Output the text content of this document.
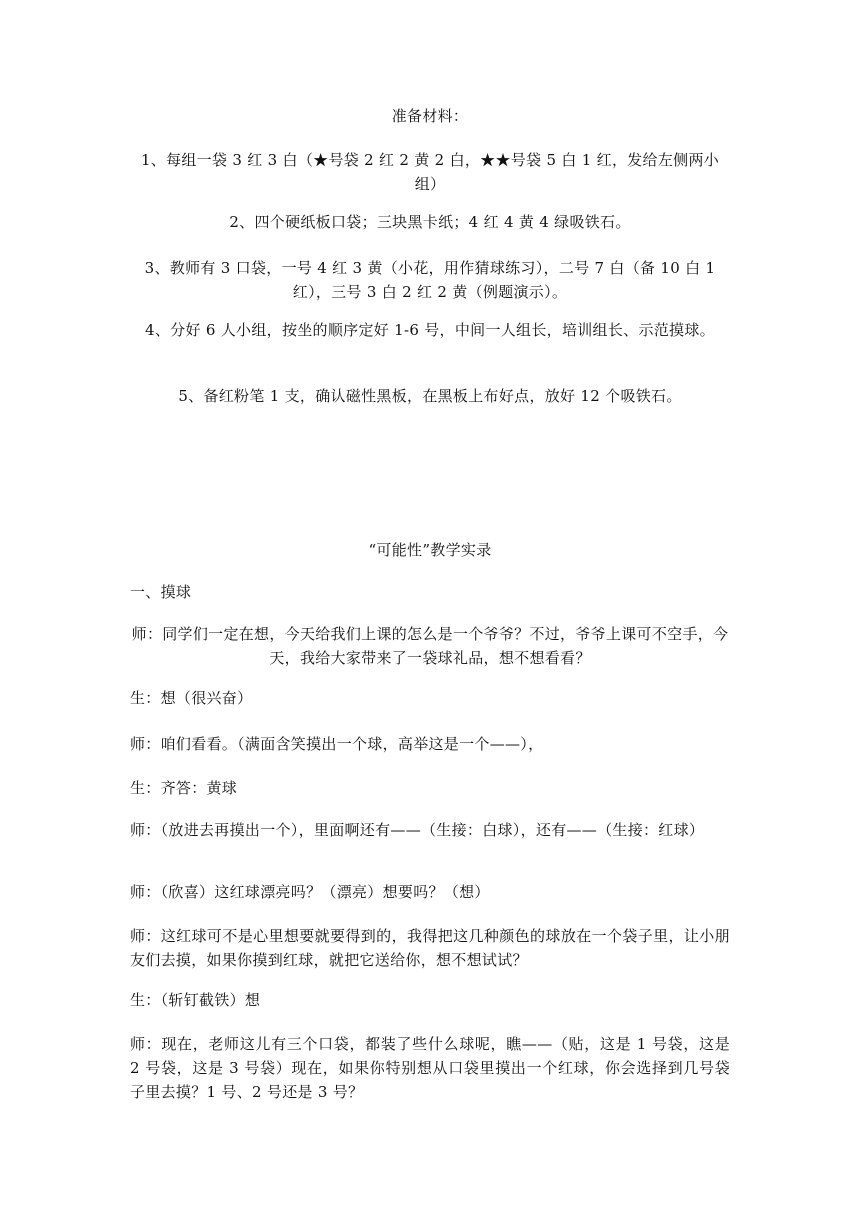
准备材料：
1、每组一袋 3 红 3 白（★号袋 2 红 2 黄 2 白，★★号袋 5 白 1 红，发给左侧两小组）
2、四个硬纸板口袋；三块黑卡纸；4 红 4 黄 4 绿吸铁石。
3、教师有 3 口袋，一号 4 红 3 黄（小花，用作猜球练习），二号 7 白（备 10 白 1 红），三号 3 白 2 红 2 黄（例题演示）。
4、分好 6 人小组，按坐的顺序定好 1-6 号，中间一人组长，培训组长、示范摸球。
5、备红粉笔 1 支，确认磁性黑板，在黑板上布好点，放好 12 个吸铁石。
“可能性”教学实录
一、摸球
师：同学们一定在想，今天给我们上课的怎么是一个爷爷？不过，爷爷上课可不空手，今天，我给大家带来了一袋球礼品，想不想看看？
生：想（很兴奋）
师：咱们看看。（满面含笑摸出一个球，高举这是一个——），
生：齐答：黄球
师：（放进去再摸出一个），里面啊还有——（生接：白球），还有——（生接：红球）
师：（欣喜）这红球漂亮吗？（漂亮）想要吗？（想）
师：这红球可不是心里想要就要得到的，我得把这几种颜色的球放在一个袋子里，让小朋友们去摸，如果你摸到红球，就把它送给你，想不想试试？
生：（斩钉截铁）想
师：现在，老师这儿有三个口袋，都装了些什么球呢，瞧——（贴，这是 1 号袋，这是 2 号袋，这是 3 号袋）现在，如果你特别想从口袋里摸出一个红球，你会选择到几号袋子里去摸？1 号、2 号还是 3 号？
